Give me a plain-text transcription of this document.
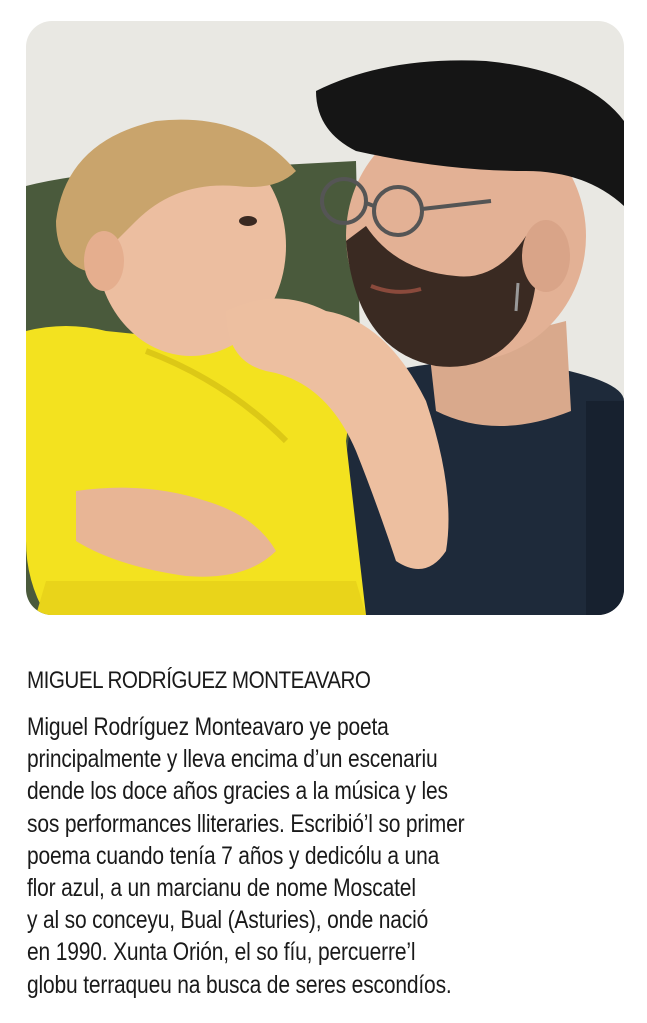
MIGUEL RODRÍGUEZ MONTEAVARO

Miguel Rodríguez Monteavaro ye poeta
principalmente y lleva encima d’un escenariu
dende los doce años gracies a la música y les
sos performances lliteraries. Escribió’l so primer
poema cuando tenía 7 años y dedicólu a una
flor azul, a un marcianu de nome Moscatel
y al so conceyu, Bual (Asturies), onde nació
en 1990. Xunta Orión, el so fíu, percuerre’l
globu terraqueu na busca de seres escondíos.
